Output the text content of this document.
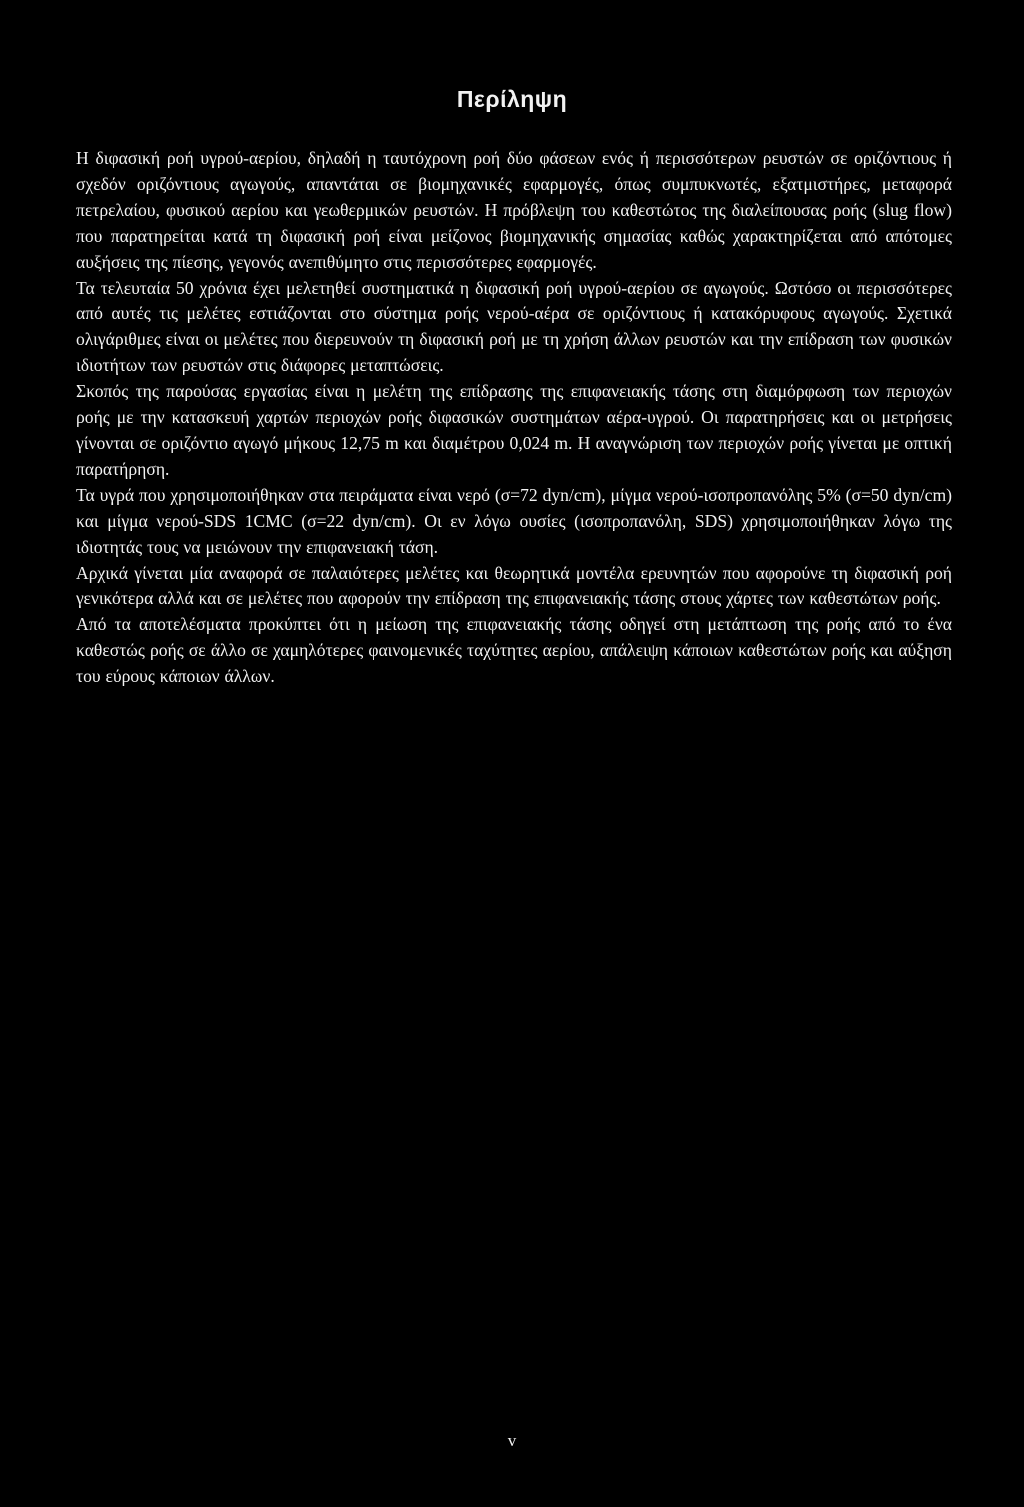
Περίληψη

Η διφασική ροή υγρού-αερίου, δηλαδή η ταυτόχρονη ροή δύο φάσεων ενός ή περισσότερων ρευστών σε οριζόντιους ή σχεδόν οριζόντιους αγωγούς, απαντάται σε βιομηχανικές εφαρμογές, όπως συμπυκνωτές, εξατμιστήρες, μεταφορά πετρελαίου, φυσικού αερίου και γεωθερμικών ρευστών. Η πρόβλεψη του καθεστώτος της διαλείπουσας ροής (slug flow) που παρατηρείται κατά τη διφασική ροή είναι μείζονος βιομηχανικής σημασίας καθώς χαρακτηρίζεται από απότομες αυξήσεις της πίεσης, γεγονός ανεπιθύμητο στις περισσότερες εφαρμογές.

Τα τελευταία 50 χρόνια έχει μελετηθεί συστηματικά η διφασική ροή υγρού-αερίου σε αγωγούς. Ωστόσο οι περισσότερες από αυτές τις μελέτες εστιάζονται στο σύστημα ροής νερού-αέρα σε οριζόντιους ή κατακόρυφους αγωγούς. Σχετικά ολιγάριθμες είναι οι μελέτες που διερευνούν τη διφασική ροή με τη χρήση άλλων ρευστών και την επίδραση των φυσικών ιδιοτήτων των ρευστών στις διάφορες μεταπτώσεις.

Σκοπός της παρούσας εργασίας είναι η μελέτη της επίδρασης της επιφανειακής τάσης στη διαμόρφωση των περιοχών ροής με την κατασκευή χαρτών περιοχών ροής διφασικών συστημάτων αέρα-υγρού. Οι παρατηρήσεις και οι μετρήσεις γίνονται σε οριζόντιο αγωγό μήκους 12,75 m και διαμέτρου 0,024 m. Η αναγνώριση των περιοχών ροής γίνεται με οπτική παρατήρηση.

Τα υγρά που χρησιμοποιήθηκαν στα πειράματα είναι νερό (σ=72 dyn/cm), μίγμα νερού-ισοπροπανόλης 5% (σ=50 dyn/cm) και μίγμα νερού-SDS 1CMC (σ=22 dyn/cm). Οι εν λόγω ουσίες (ισοπροπανόλη, SDS) χρησιμοποιήθηκαν λόγω της ιδιοτητάς τους να μειώνουν την επιφανειακή τάση.

Αρχικά γίνεται μία αναφορά σε παλαιότερες μελέτες και θεωρητικά μοντέλα ερευνητών που αφορούνε τη διφασική ροή γενικότερα αλλά και σε μελέτες που αφορούν την επίδραση της επιφανειακής τάσης στους χάρτες των καθεστώτων ροής.

Από τα αποτελέσματα προκύπτει ότι η μείωση της επιφανειακής τάσης οδηγεί στη μετάπτωση της ροής από το ένα καθεστώς ροής σε άλλο σε χαμηλότερες φαινομενικές ταχύτητες αερίου, απάλειψη κάποιων καθεστώτων ροής και αύξηση του εύρους κάποιων άλλων.

v
